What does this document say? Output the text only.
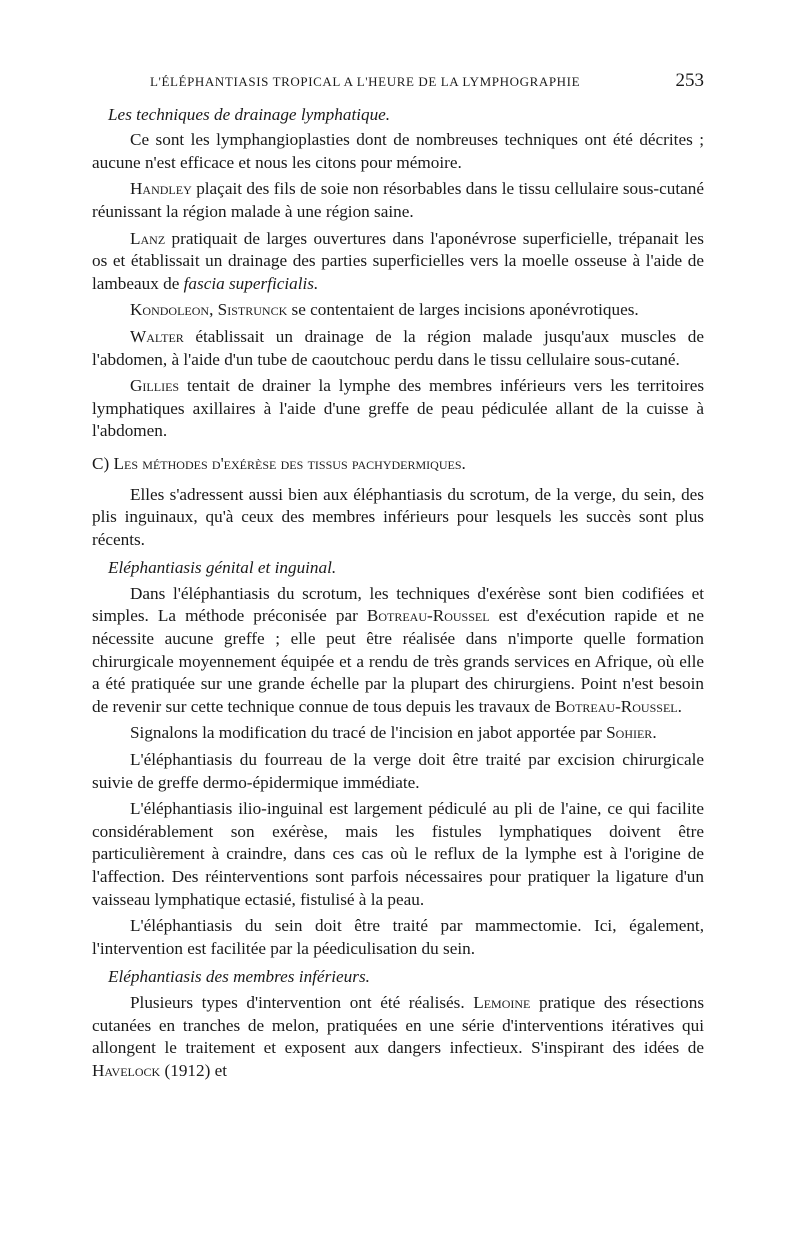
L'ÉLÉPHANTIASIS TROPICAL A L'HEURE DE LA LYMPHOGRAPHIE	253

Les techniques de drainage lymphatique.

Ce sont les lymphangioplasties dont de nombreuses techniques ont été décrites ; aucune n'est efficace et nous les citons pour mémoire.

Handley plaçait des fils de soie non résorbables dans le tissu cellulaire sous-cutané réunissant la région malade à une région saine.

Lanz pratiquait de larges ouvertures dans l'aponévrose superficielle, trépanait les os et établissait un drainage des parties superficielles vers la moelle osseuse à l'aide de lambeaux de fascia superficialis.

Kondoleon, Sistrunck se contentaient de larges incisions aponévrotiques.

Walter établissait un drainage de la région malade jusqu'aux muscles de l'abdomen, à l'aide d'un tube de caoutchouc perdu dans le tissu cellulaire sous-cutané.

Gillies tentait de drainer la lymphe des membres inférieurs vers les territoires lymphatiques axillaires à l'aide d'une greffe de peau pédiculée allant de la cuisse à l'abdomen.

C) Les méthodes d'exérèse des tissus pachydermiques.

Elles s'adressent aussi bien aux éléphantiasis du scrotum, de la verge, du sein, des plis inguinaux, qu'à ceux des membres inférieurs pour lesquels les succès sont plus récents.

Eléphantiasis génital et inguinal.

Dans l'éléphantiasis du scrotum, les techniques d'exérèse sont bien codifiées et simples. La méthode préconisée par Botreau-Roussel est d'exécution rapide et ne nécessite aucune greffe ; elle peut être réalisée dans n'importe quelle formation chirurgicale moyennement équipée et a rendu de très grands services en Afrique, où elle a été pratiquée sur une grande échelle par la plupart des chirurgiens. Point n'est besoin de revenir sur cette technique connue de tous depuis les travaux de Botreau-Roussel.

Signalons la modification du tracé de l'incision en jabot apportée par Sohier.

L'éléphantiasis du fourreau de la verge doit être traité par excision chirurgicale suivie de greffe dermo-épidermique immédiate.

L'éléphantiasis ilio-inguinal est largement pédiculé au pli de l'aine, ce qui facilite considérablement son exérèse, mais les fistules lymphatiques doivent être particulièrement à craindre, dans ces cas où le reflux de la lymphe est à l'origine de l'affection. Des réinterventions sont parfois nécessaires pour pratiquer la ligature d'un vaisseau lymphatique ectasié, fistulisé à la peau.

L'éléphantiasis du sein doit être traité par mammectomie. Ici, également, l'intervention est facilitée par la péediculisation du sein.

Eléphantiasis des membres inférieurs.

Plusieurs types d'intervention ont été réalisés. Lemoine pratique des résections cutanées en tranches de melon, pratiquées en une série d'interventions itératives qui allongent le traitement et exposent aux dangers infectieux. S'inspirant des idées de Havelock (1912) et
